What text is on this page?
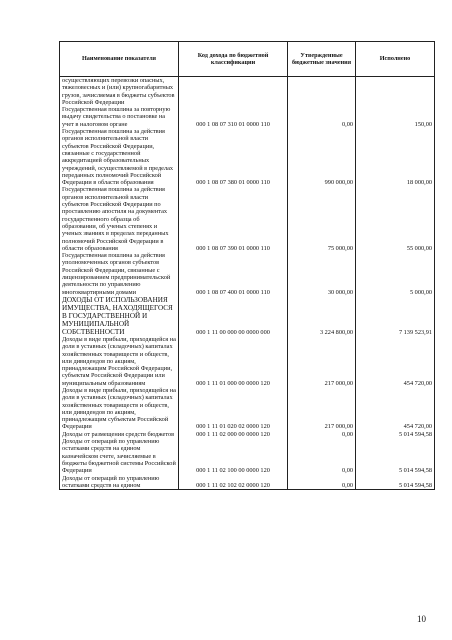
Наименование показателя	Код дохода по бюджетной классификации	Утвержденные бюджетные значения	Исполнено
осуществляющих перевозки опасных, тяжеловесных и (или) крупногабаритных грузов, зачисляемая в бюджеты субъектов Российской Федерации			
Государственная пошлина за повторную выдачу свидетельства о постановке на учет в налоговом органе	000 1 08 07 310 01 0000 110	0,00	150,00
Государственная пошлина за действия органов исполнительной власти субъектов Российской Федерации, связанные с государственной аккредитацией образовательных учреждений, осуществляемой в пределах переданных полномочий Российской Федерации в области образования	000 1 08 07 380 01 0000 110	990 000,00	18 000,00
Государственная пошлина за действия органов исполнительной власти субъектов Российской Федерации по проставлению апостиля на документах государственного образца об образовании, об ученых степенях и ученых званиях в пределах переданных полномочий Российской Федерации в области образования	000 1 08 07 390 01 0000 110	75 000,00	55 000,00
Государственная пошлина за действия уполномоченных органов субъектов Российской Федерации, связанные с лицензированием предпринимательской деятельности по управлению многоквартирными домами	000 1 08 07 400 01 0000 110	30 000,00	5 000,00
ДОХОДЫ ОТ ИСПОЛЬЗОВАНИЯ ИМУЩЕСТВА, НАХОДЯЩЕГОСЯ В ГОСУДАРСТВЕННОЙ И МУНИЦИПАЛЬНОЙ СОБСТВЕННОСТИ	000 1 11 00 000 00 0000 000	3 224 800,00	7 139 523,91
Доходы в виде прибыли, приходящейся на доли в уставных (складочных) капиталах хозяйственных товариществ и обществ, или дивидендов по акциям, принадлежащим Российской Федерации, субъектам Российской Федерации или муниципальным образованиям	000 1 11 01 000 00 0000 120	217 000,00	454 720,00
Доходы в виде прибыли, приходящейся на доли в уставных (складочных) капиталах хозяйственных товариществ и обществ, или дивидендов по акциям, принадлежащим субъектам Российской Федерации	000 1 11 01 020 02 0000 120	217 000,00	454 720,00
Доходы от размещения средств бюджетов	000 1 11 02 000 00 0000 120	0,00	5 014 594,58
Доходы от операций по управлению остатками средств на едином казначейском счете, зачисляемые в бюджеты бюджетной системы Российской Федерации	000 1 11 02 100 00 0000 120	0,00	5 014 594,58
Доходы от операций по управлению остатками средств на едином	000 1 11 02 102 02 0000 120	0,00	5 014 594,58
10
